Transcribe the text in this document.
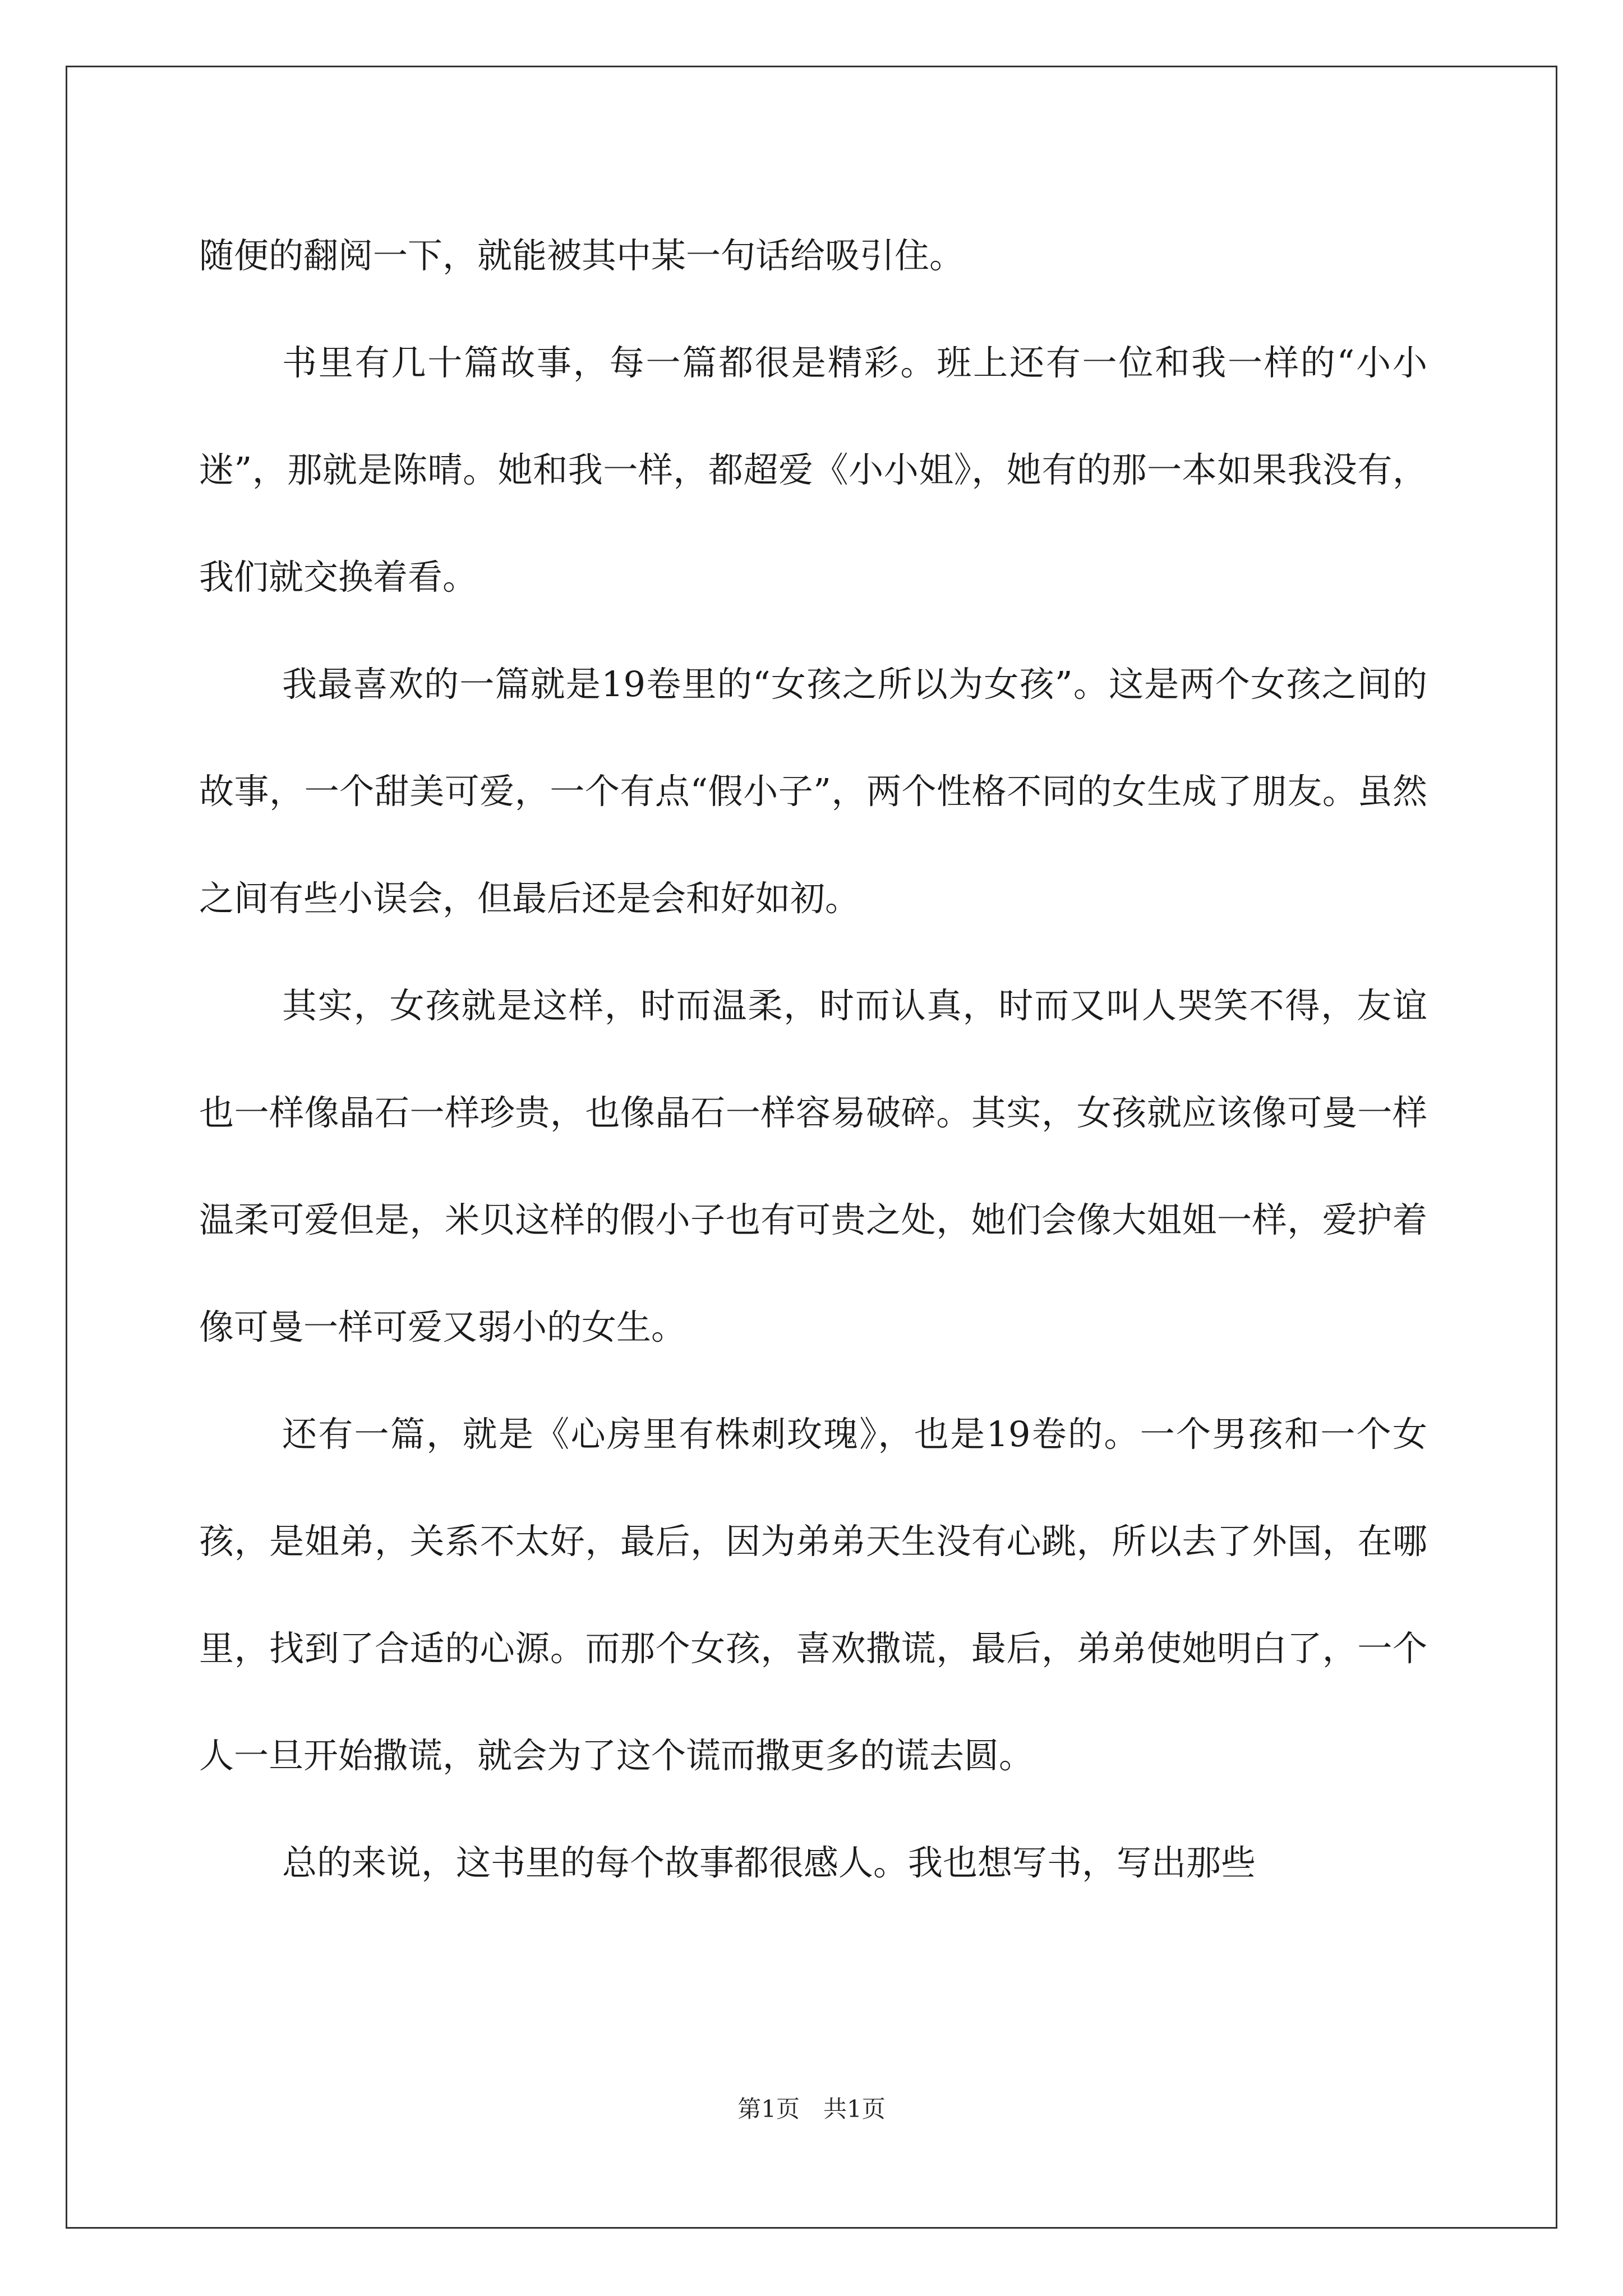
随便的翻阅一下，就能被其中某一句话给吸引住。

书里有几十篇故事，每一篇都很是精彩。班上还有一位和我一样的“小小迷”，那就是陈晴。她和我一样，都超爱《小小姐》，她有的那一本如果我没有，我们就交换着看。

我最喜欢的一篇就是19卷里的“女孩之所以为女孩”。这是两个女孩之间的故事，一个甜美可爱，一个有点“假小子”，两个性格不同的女生成了朋友。虽然之间有些小误会，但最后还是会和好如初。

其实，女孩就是这样，时而温柔，时而认真，时而又叫人哭笑不得，友谊也一样像晶石一样珍贵，也像晶石一样容易破碎。其实，女孩就应该像可曼一样温柔可爱但是，米贝这样的假小子也有可贵之处，她们会像大姐姐一样，爱护着像可曼一样可爱又弱小的女生。

还有一篇，就是《心房里有株刺玫瑰》，也是19卷的。一个男孩和一个女孩，是姐弟，关系不太好，最后，因为弟弟天生没有心跳，所以去了外国，在哪里，找到了合适的心源。而那个女孩，喜欢撒谎，最后，弟弟使她明白了，一个人一旦开始撒谎，就会为了这个谎而撒更多的谎去圆。

总的来说，这书里的每个故事都很感人。我也想写书，写出那些

第1页 共1页
